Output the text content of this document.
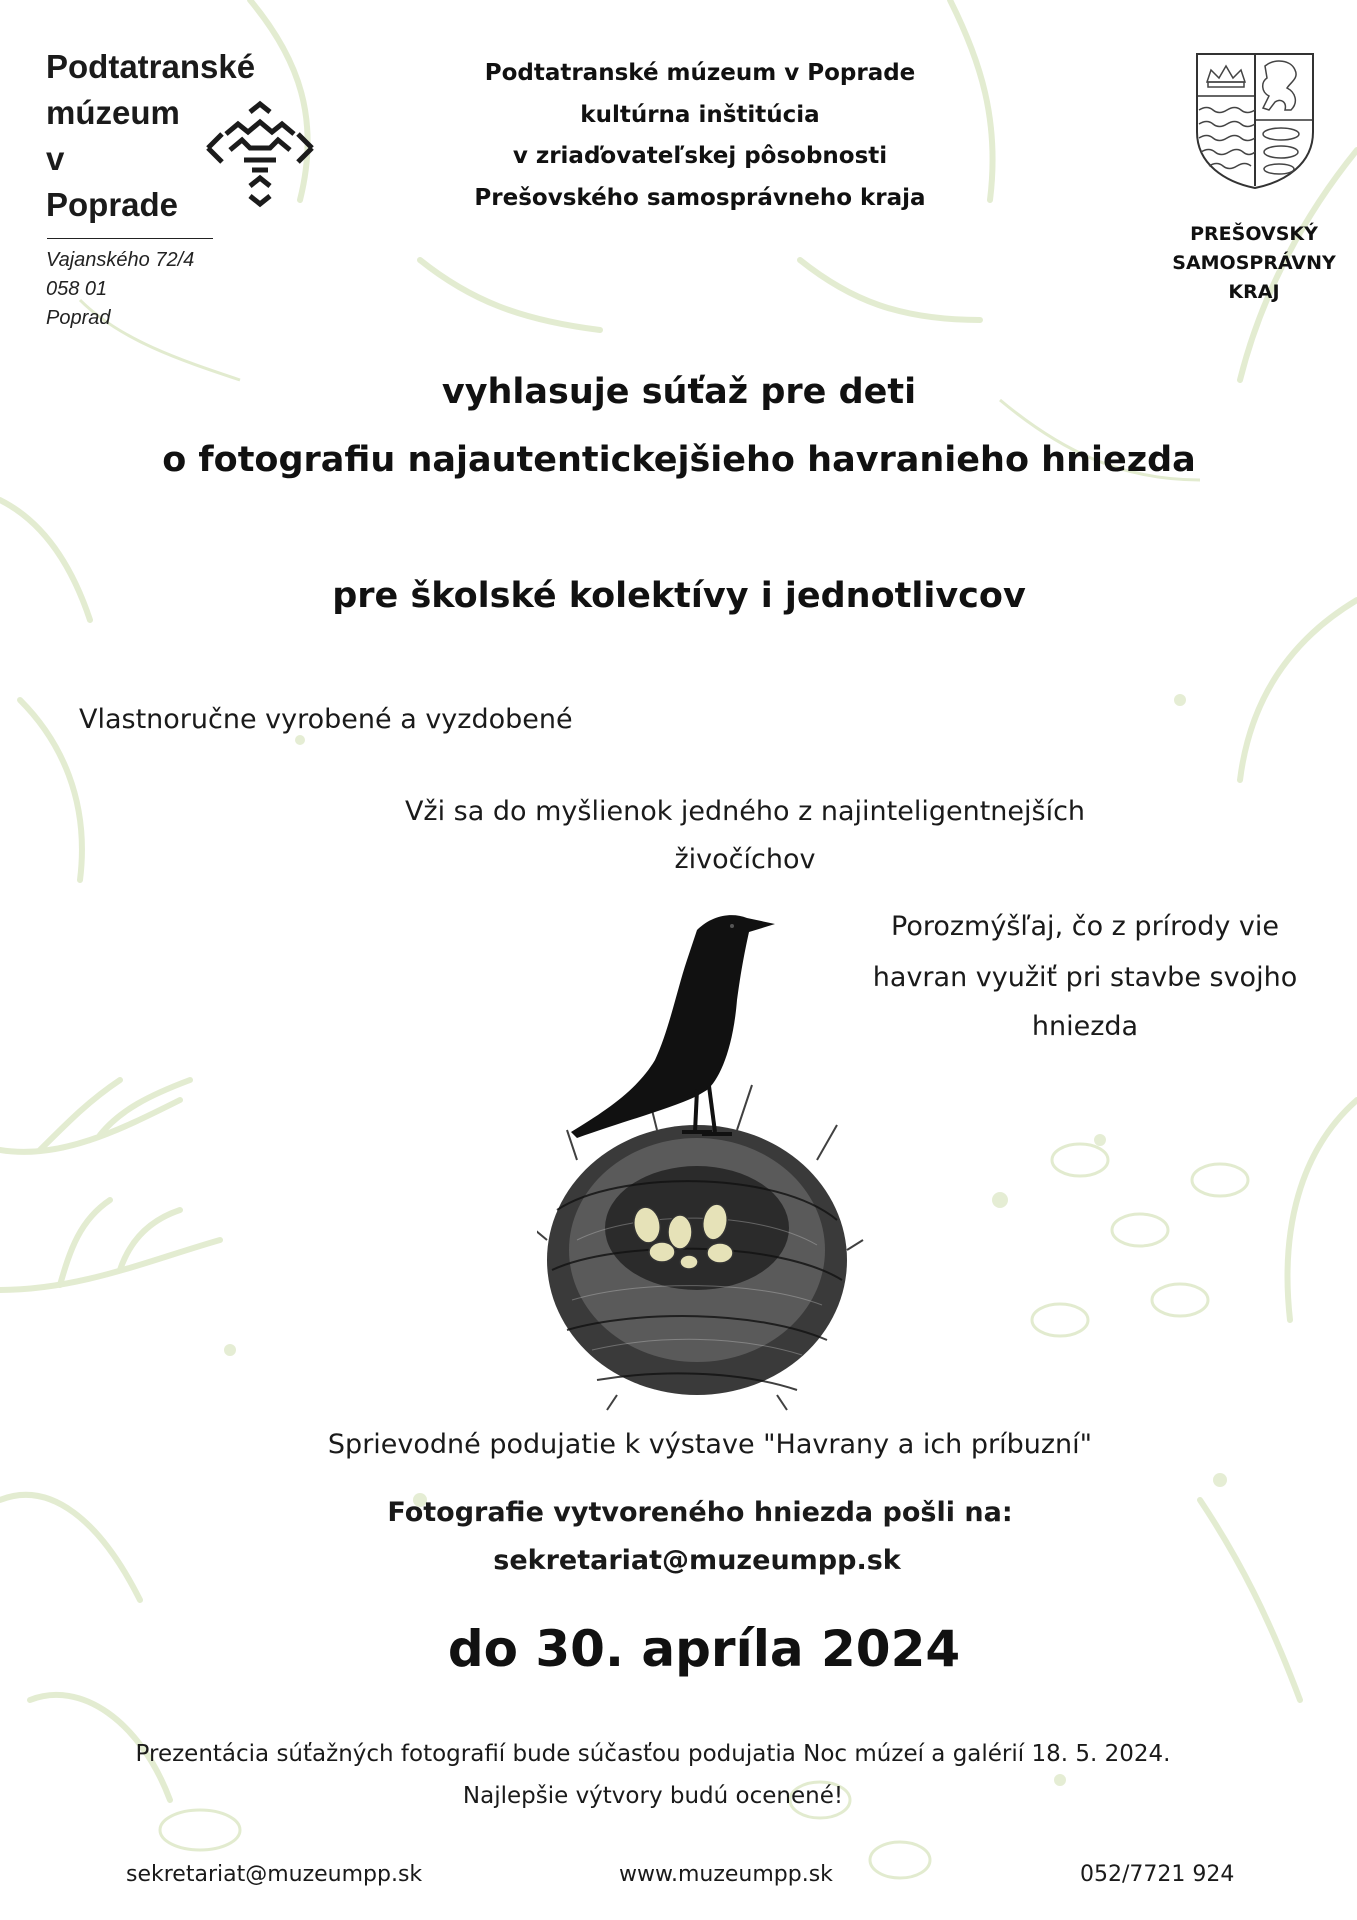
Podtatranské
múzeum
v
Poprade
Vajanského 72/4
058 01
Poprad
Podtatranské múzeum v Poprade
kultúrna inštitúcia
v zriaďovateľskej pôsobnosti
Prešovského samosprávneho kraja
PREŠOVSKÝ
SAMOSPRÁVNY
KRAJ
vyhlasuje súťaž pre deti
o fotografiu najautentickejšieho havranieho hniezda
pre školské kolektívy i jednotlivcov
Vlastnoručne vyrobené a vyzdobené
Vži sa do myšlienok jedného z najinteligentnejších
živočíchov
Porozmýšľaj, čo z prírody vie
havran využiť pri stavbe svojho
hniezda
Sprievodné podujatie k výstave "Havrany a ich príbuzní"
Fotografie vytvoreného hniezda pošli na:
sekretariat@muzeumpp.sk
do 30. apríla 2024
Prezentácia súťažných fotografií bude súčasťou podujatia Noc múzeí a galérií 18. 5. 2024.
Najlepšie výtvory budú ocenené!
sekretariat@muzeumpp.sk	www.muzeumpp.sk	052/7721 924
